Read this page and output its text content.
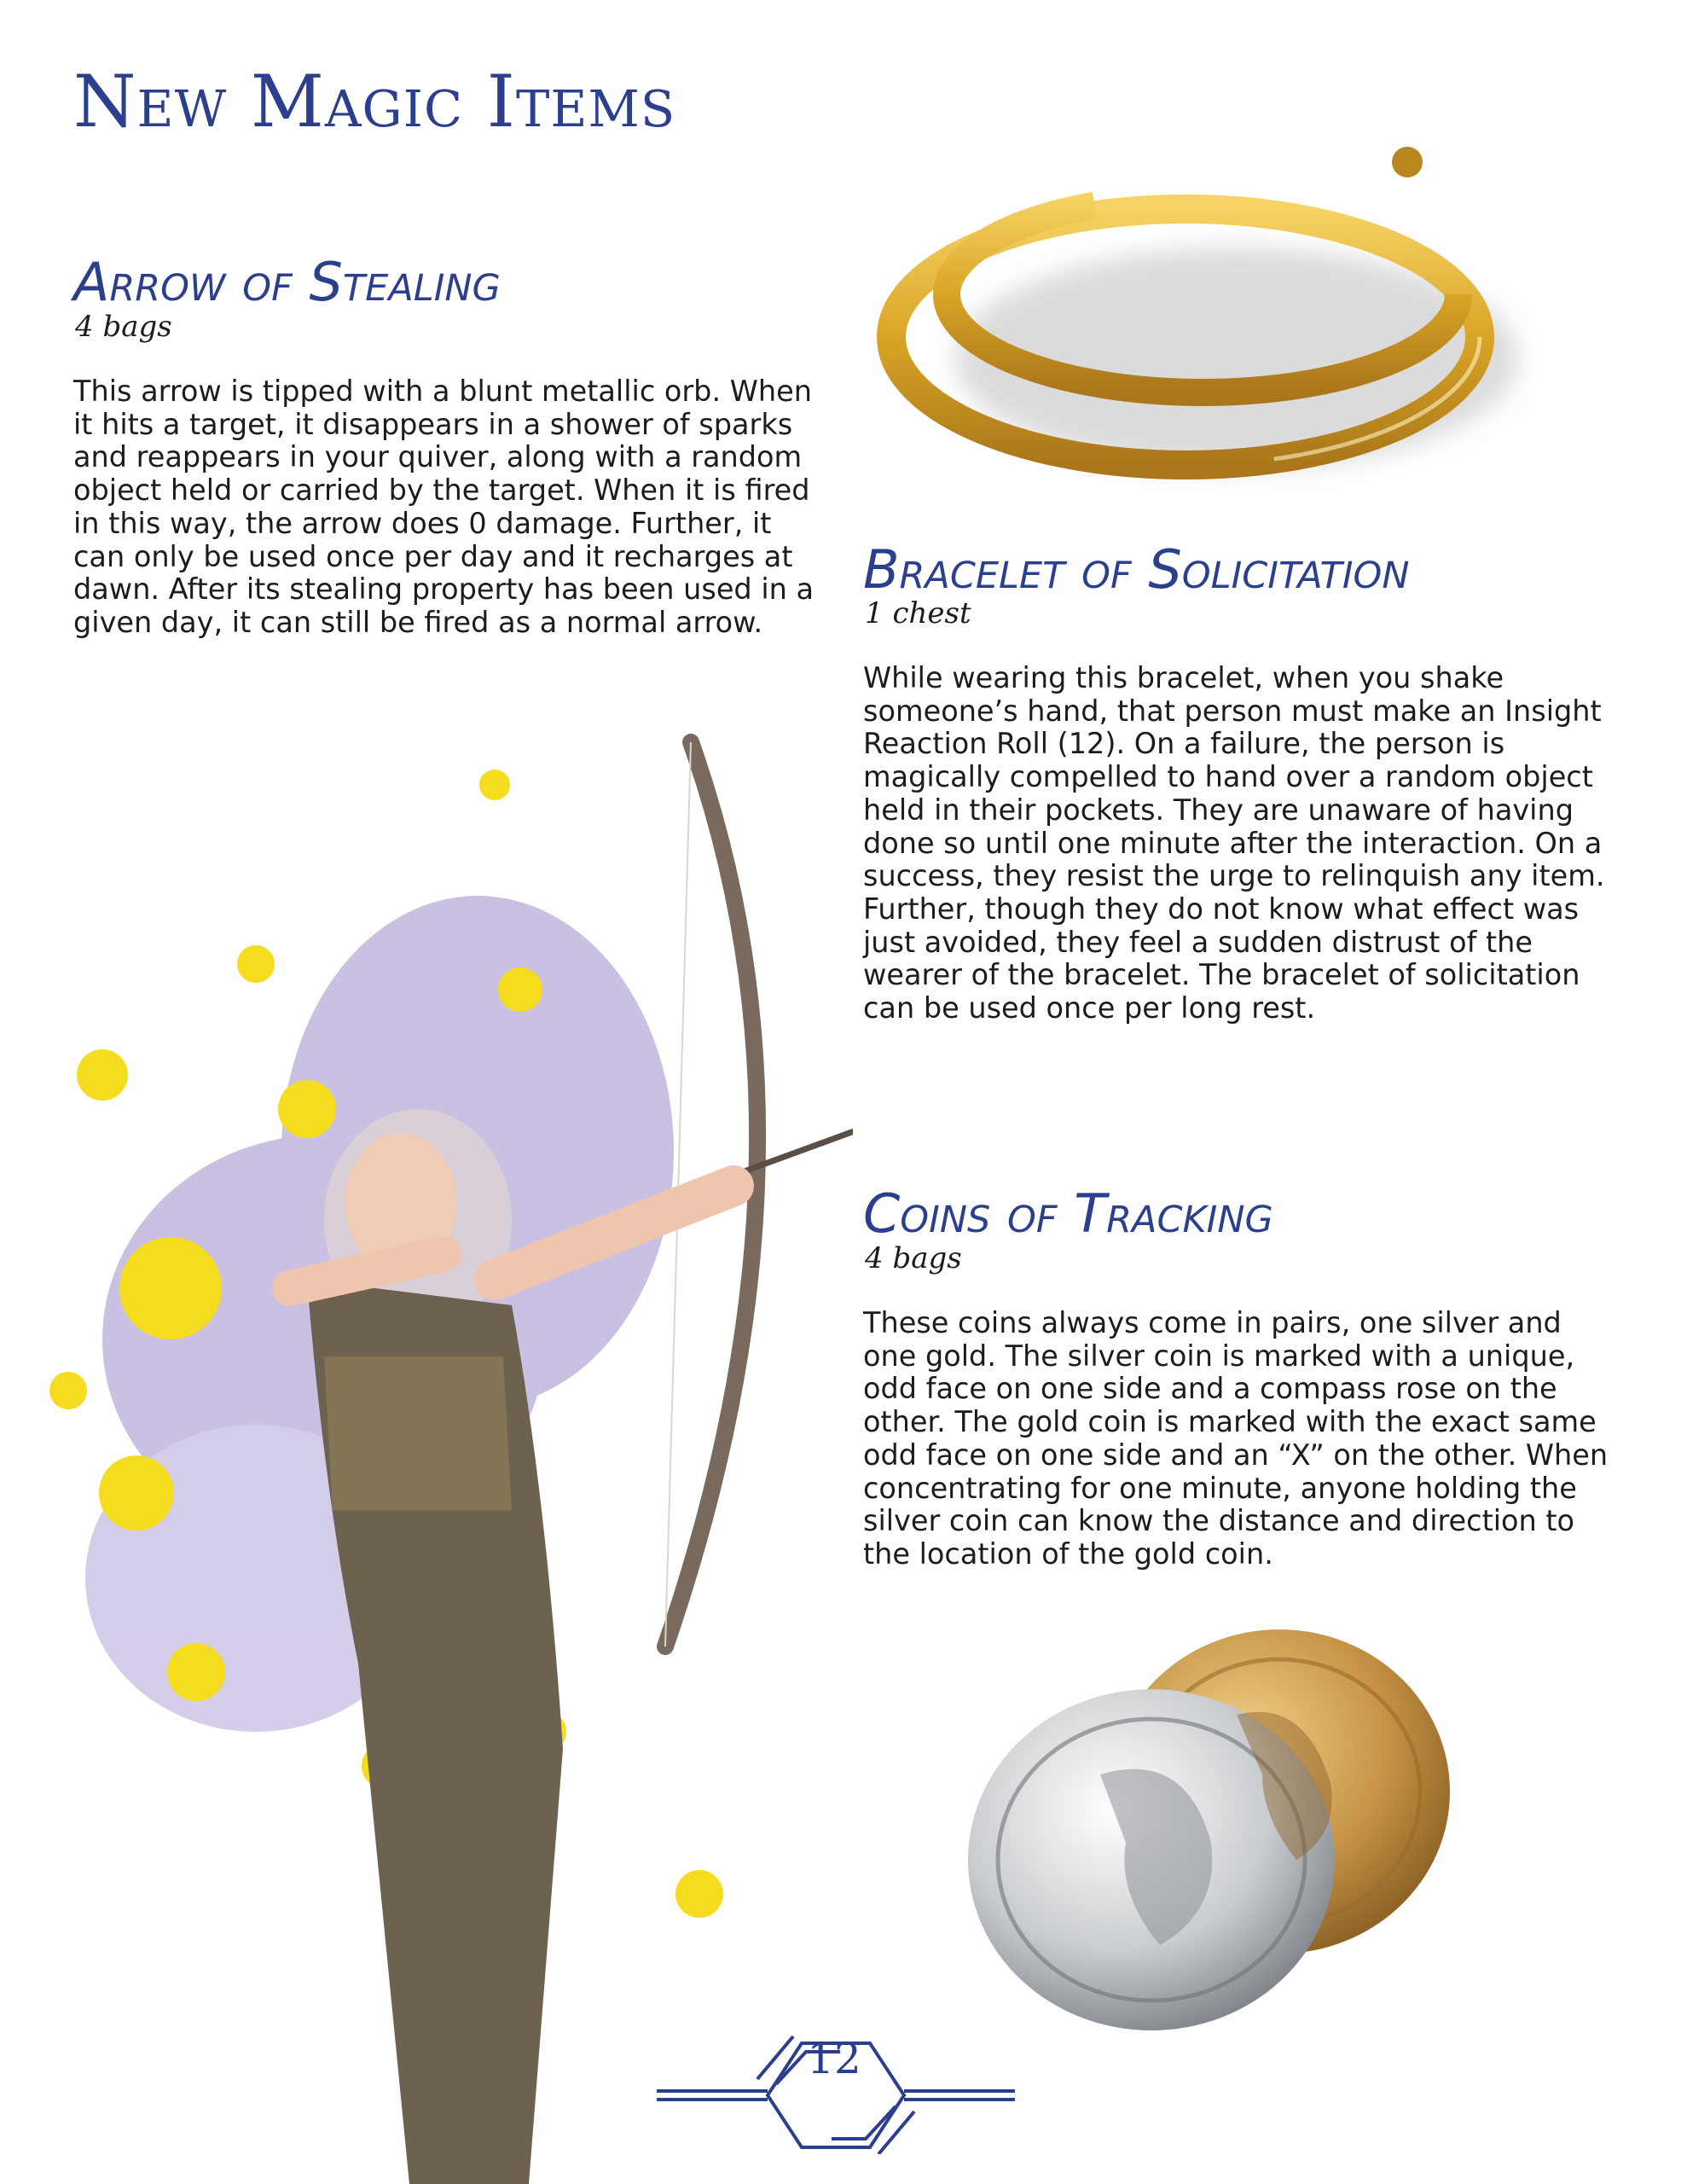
New Magic Items
Arrow of Stealing

4 bags

This arrow is tipped with a blunt metallic orb. When
it hits a target, it disappears in a shower of sparks
and reappears in your quiver, along with a random
object held or carried by the target. When it is fired
in this way, the arrow does 0 damage. Further, it
can only be used once per day and it recharges at
dawn. After its stealing property has been used in a
given day, it can still be fired as a normal arrow.

Bracelet of Solicitation

1 chest

While wearing this bracelet, when you shake
someone’s hand, that person must make an Insight
Reaction Roll (12). On a failure, the person is
magically compelled to hand over a random object
held in their pockets. They are unaware of having
done so until one minute after the interaction. On a
success, they resist the urge to relinquish any item.
Further, though they do not know what effect was
just avoided, they feel a sudden distrust of the
wearer of the bracelet. The bracelet of solicitation
can be used once per long rest.

Coins of Tracking

4 bags

These coins always come in pairs, one silver and
one gold. The silver coin is marked with a unique,
odd face on one side and a compass rose on the
other. The gold coin is marked with the exact same
odd face on one side and an “X” on the other. When
concentrating for one minute, anyone holding the
silver coin can know the distance and direction to
the location of the gold coin.

12
